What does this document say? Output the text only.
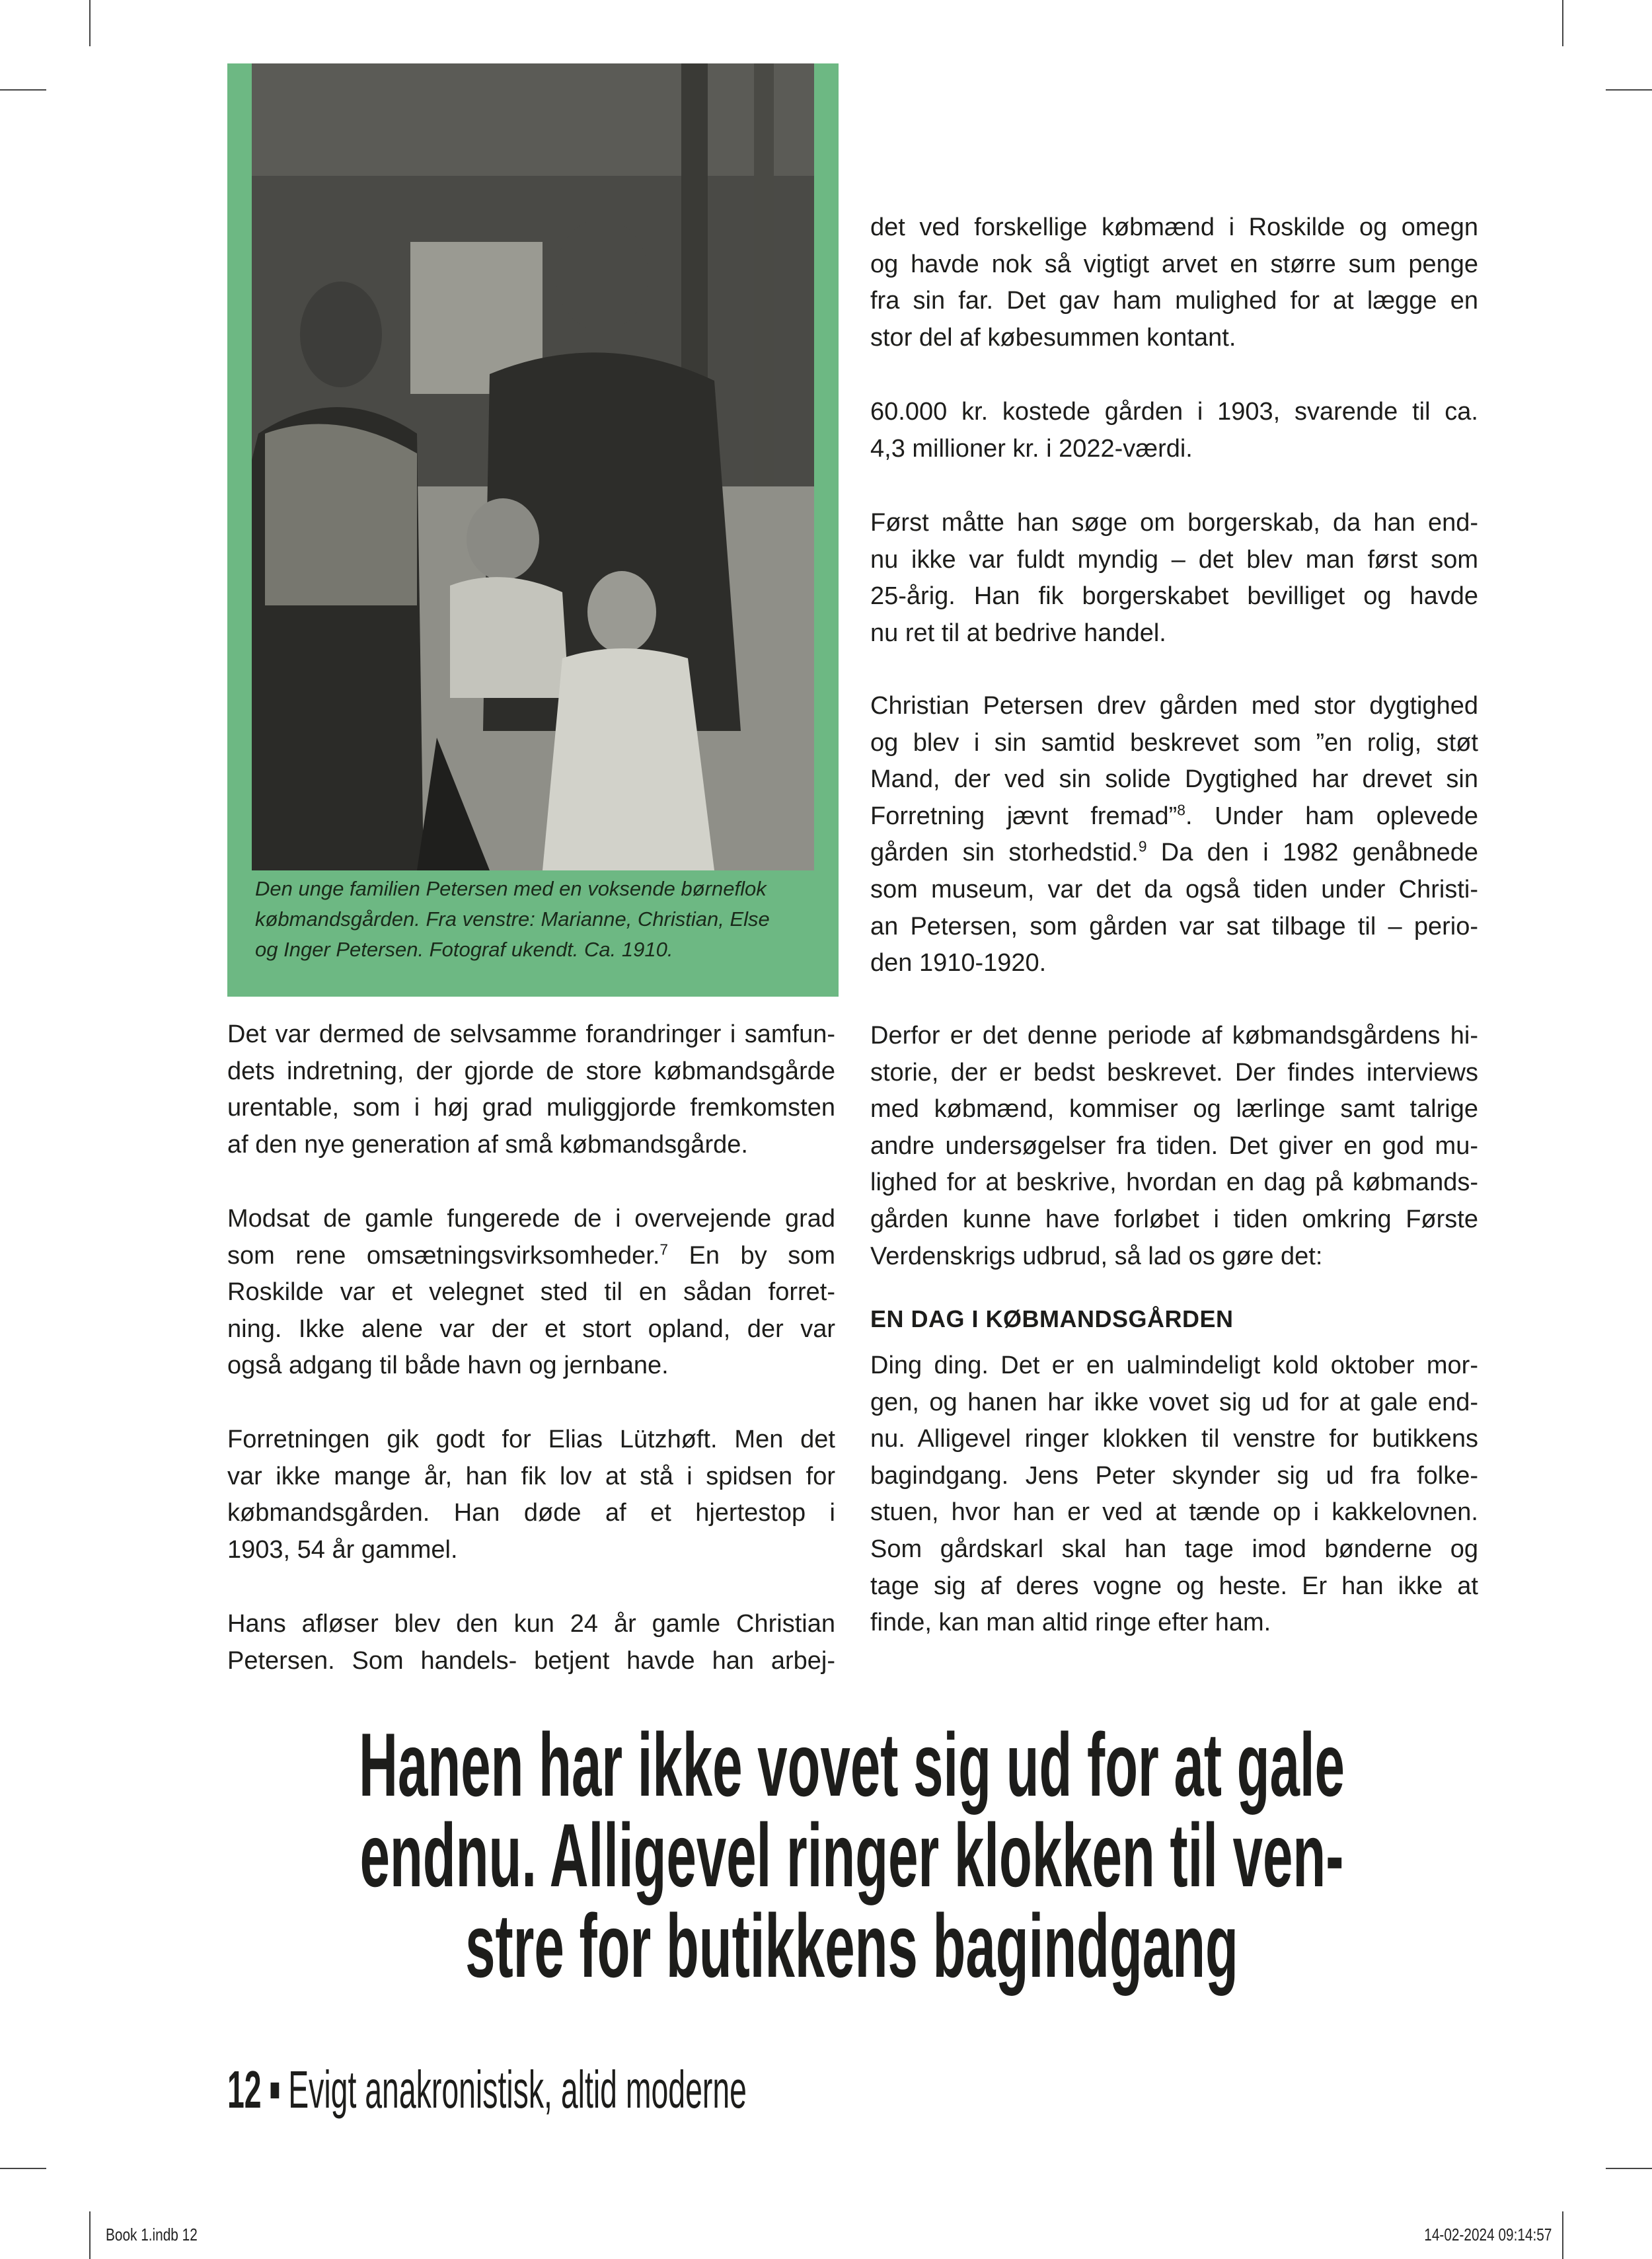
Den unge familien Petersen med en voksende børneflok
købmandsgården. Fra venstre: Marianne, Christian, Else
og Inger Petersen. Fotograf ukendt. Ca. 1910.
Det var dermed de selvsamme forandringer i samfun-
dets indretning, der gjorde de store købmandsgårde
urentable, som i høj grad muliggjorde fremkomsten
af den nye generation af små købmandsgårde.
Modsat de gamle fungerede de i overvejende grad
som rene omsætningsvirksomheder.$^7$ En by som
Roskilde var et velegnet sted til en sådan forret-
ning. Ikke alene var der et stort opland, der var
også adgang til både havn og jernbane.
Forretningen gik godt for Elias Lützhøft. Men det
var ikke mange år, han fik lov at stå i spidsen for
købmandsgården. Han døde af et hjertestop i
1903, 54 år gammel.
Hans afløser blev den kun 24 år gamle Christian
Petersen. Som handels- betjent havde han arbej-
det ved forskellige købmænd i Roskilde og omegn
og havde nok så vigtigt arvet en større sum penge
fra sin far. Det gav ham mulighed for at lægge en
stor del af købesummen kontant.
60.000 kr. kostede gården i 1903, svarende til ca.
4,3 millioner kr. i 2022-værdi.
Først måtte han søge om borgerskab, da han end-
nu ikke var fuldt myndig – det blev man først som
25-årig. Han fik borgerskabet bevilliget og havde
nu ret til at bedrive handel.
Christian Petersen drev gården med stor dygtighed
og blev i sin samtid beskrevet som ”en rolig, støt
Mand, der ved sin solide Dygtighed har drevet sin
Forretning jævnt fremad”$^8$. Under ham oplevede
gården sin storhedstid.$^9$ Da den i 1982 genåbnede
som museum, var det da også tiden under Christi-
an Petersen, som gården var sat tilbage til – perio-
den 1910-1920.
Derfor er det denne periode af købmandsgårdens hi-
storie, der er bedst beskrevet. Der findes interviews
med købmænd, kommiser og lærlinge samt talrige
andre undersøgelser fra tiden. Det giver en god mu-
lighed for at beskrive, hvordan en dag på købmands-
gården kunne have forløbet i tiden omkring Første
Verdenskrigs udbrud, så lad os gøre det:
EN DAG I KØBMANDSGÅRDEN
Ding ding. Det er en ualmindeligt kold oktober mor-
gen, og hanen har ikke vovet sig ud for at gale end-
nu. Alligevel ringer klokken til venstre for butikkens
bagindgang. Jens Peter skynder sig ud fra folke-
stuen, hvor han er ved at tænde op i kakkelovnen.
Som gårdskarl skal han tage imod bønderne og
tage sig af deres vogne og heste. Er han ikke at
finde, kan man altid ringe efter ham.
Hanen har ikke vovet sig ud for at gale
endnu. Alligevel ringer klokken til ven-
stre for butikkens bagindgang
12 Evigt anakronistisk, altid moderne
Book 1.indb 12	14-02-2024 09:14:57
